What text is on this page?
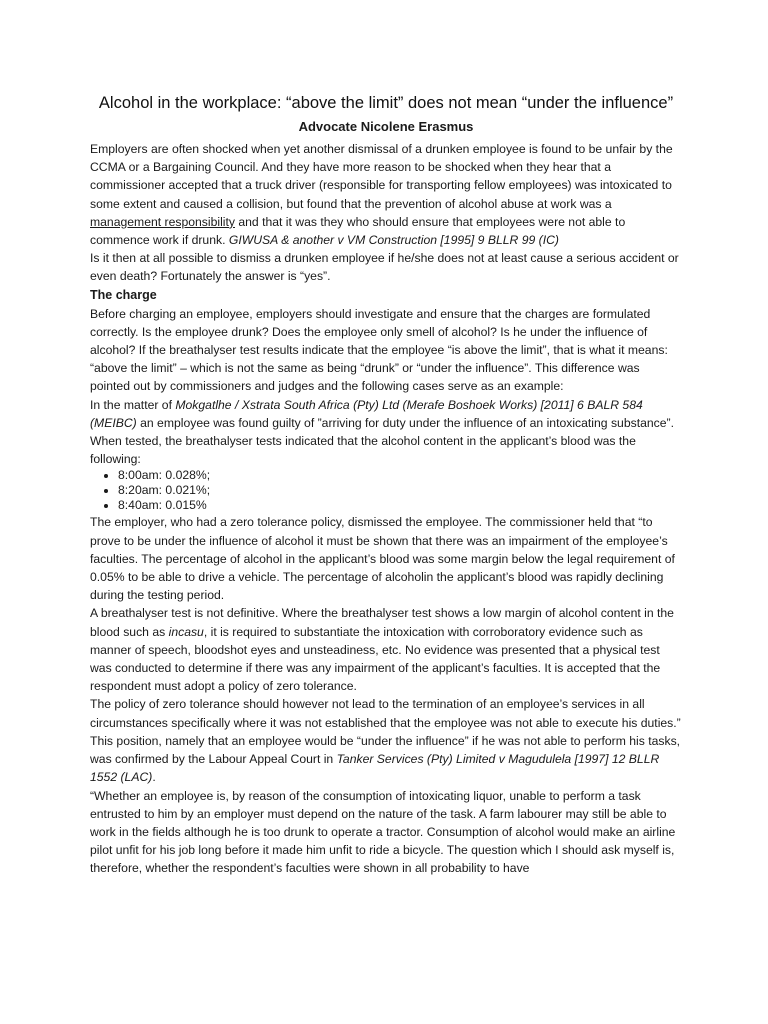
Alcohol in the workplace: “above the limit” does not mean “under the influence”
Advocate Nicolene Erasmus

Employers are often shocked when yet another dismissal of a drunken employee is found to be unfair by the CCMA or a Bargaining Council. And they have more reason to be shocked when they hear that a commissioner accepted that a truck driver (responsible for transporting fellow employees) was intoxicated to some extent and caused a collision, but found that the prevention of alcohol abuse at work was a management responsibility and that it was they who should ensure that employees were not able to commence work if drunk. GIWUSA & another v VM Construction [1995] 9 BLLR 99 (IC)

Is it then at all possible to dismiss a drunken employee if he/she does not at least cause a serious accident or even death? Fortunately the answer is “yes”.

The charge

Before charging an employee, employers should investigate and ensure that the charges are formulated correctly. Is the employee drunk? Does the employee only smell of alcohol? Is he under the influence of alcohol? If the breathalyser test results indicate that the employee “is above the limit”, that is what it means: “above the limit” – which is not the same as being “drunk” or “under the influence”. This difference was pointed out by commissioners and judges and the following cases serve as an example:

In the matter of Mokgatlhe / Xstrata South Africa (Pty) Ltd (Merafe Boshoek Works) [2011] 6 BALR 584 (MEIBC) an employee was found guilty of ”arriving for duty under the influence of an intoxicating substance”. When tested, the breathalyser tests indicated that the alcohol content in the applicant’s blood was the following:

• 8:00am: 0.028%;
• 8:20am: 0.021%;
• 8:40am: 0.015%

The employer, who had a zero tolerance policy, dismissed the employee. The commissioner held that “to prove to be under the influence of alcohol it must be shown that there was an impairment of the employee’s faculties. The percentage of alcohol in the applicant’s blood was some margin below the legal requirement of 0.05% to be able to drive a vehicle. The percentage of alcoholin the applicant’s blood was rapidly declining during the testing period.

A breathalyser test is not definitive. Where the breathalyser test shows a low margin of alcohol content in the blood such as incasu, it is required to substantiate the intoxication with corroboratory evidence such as manner of speech, bloodshot eyes and unsteadiness, etc. No evidence was presented that a physical test was conducted to determine if there was any impairment of the applicant’s faculties. It is accepted that the respondent must adopt a policy of zero tolerance.

The policy of zero tolerance should however not lead to the termination of an employee’s services in all circumstances specifically where it was not established that the employee was not able to execute his duties.”

This position, namely that an employee would be “under the influence” if he was not able to perform his tasks, was confirmed by the Labour Appeal Court in Tanker Services (Pty) Limited v Magudulela [1997] 12 BLLR 1552 (LAC).

“Whether an employee is, by reason of the consumption of intoxicating liquor, unable to perform a task entrusted to him by an employer must depend on the nature of the task. A farm labourer may still be able to work in the fields although he is too drunk to operate a tractor. Consumption of alcohol would make an airline pilot unfit for his job long before it made him unfit to ride a bicycle. The question which I should ask myself is, therefore, whether the respondent’s faculties were shown in all probability to have
